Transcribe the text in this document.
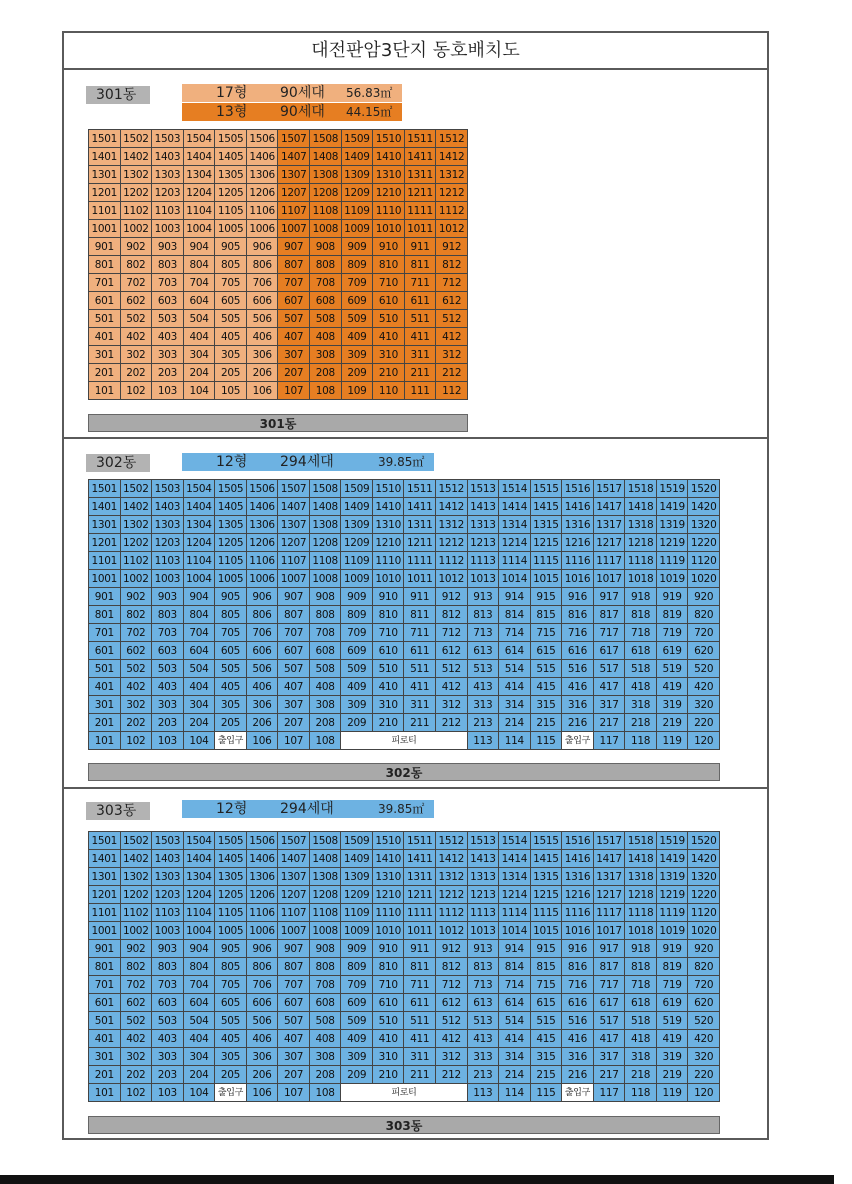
대전판암3단지 동호배치도
301동	17형 90세대 56.83㎡
13형 90세대 44.15㎡
1501	1502	1503	1504	1505	1506	1507	1508	1509	1510	1511	1512
1401	1402	1403	1404	1405	1406	1407	1408	1409	1410	1411	1412
1301	1302	1303	1304	1305	1306	1307	1308	1309	1310	1311	1312
1201	1202	1203	1204	1205	1206	1207	1208	1209	1210	1211	1212
1101	1102	1103	1104	1105	1106	1107	1108	1109	1110	1111	1112
1001	1002	1003	1004	1005	1006	1007	1008	1009	1010	1011	1012
901	902	903	904	905	906	907	908	909	910	911	912
801	802	803	804	805	806	807	808	809	810	811	812
701	702	703	704	705	706	707	708	709	710	711	712
601	602	603	604	605	606	607	608	609	610	611	612
501	502	503	504	505	506	507	508	509	510	511	512
401	402	403	404	405	406	407	408	409	410	411	412
301	302	303	304	305	306	307	308	309	310	311	312
201	202	203	204	205	206	207	208	209	210	211	212
101	102	103	104	105	106	107	108	109	110	111	112
301동
302동	12형 294세대	39.85㎡
1501	1502	1503	1504	1505	1506	1507	1508	1509	1510	1511	1512	1513	1514	1515	1516	1517	1518	1519	1520
1401	1402	1403	1404	1405	1406	1407	1408	1409	1410	1411	1412	1413	1414	1415	1416	1417	1418	1419	1420
1301	1302	1303	1304	1305	1306	1307	1308	1309	1310	1311	1312	1313	1314	1315	1316	1317	1318	1319	1320
1201	1202	1203	1204	1205	1206	1207	1208	1209	1210	1211	1212	1213	1214	1215	1216	1217	1218	1219	1220
1101	1102	1103	1104	1105	1106	1107	1108	1109	1110	1111	1112	1113	1114	1115	1116	1117	1118	1119	1120
1001	1002	1003	1004	1005	1006	1007	1008	1009	1010	1011	1012	1013	1014	1015	1016	1017	1018	1019	1020
901	902	903	904	905	906	907	908	909	910	911	912	913	914	915	916	917	918	919	920
801	802	803	804	805	806	807	808	809	810	811	812	813	814	815	816	817	818	819	820
701	702	703	704	705	706	707	708	709	710	711	712	713	714	715	716	717	718	719	720
601	602	603	604	605	606	607	608	609	610	611	612	613	614	615	616	617	618	619	620
501	502	503	504	505	506	507	508	509	510	511	512	513	514	515	516	517	518	519	520
401	402	403	404	405	406	407	408	409	410	411	412	413	414	415	416	417	418	419	420
301	302	303	304	305	306	307	308	309	310	311	312	313	314	315	316	317	318	319	320
201	202	203	204	205	206	207	208	209	210	211	212	213	214	215	216	217	218	219	220
101	102	103	104	출입구	106	107	108	피로티				113	114	115	출입구	117	118	119	120
302동
303동	12형 294세대	39.85㎡
1501	1502	1503	1504	1505	1506	1507	1508	1509	1510	1511	1512	1513	1514	1515	1516	1517	1518	1519	1520
1401	1402	1403	1404	1405	1406	1407	1408	1409	1410	1411	1412	1413	1414	1415	1416	1417	1418	1419	1420
1301	1302	1303	1304	1305	1306	1307	1308	1309	1310	1311	1312	1313	1314	1315	1316	1317	1318	1319	1320
1201	1202	1203	1204	1205	1206	1207	1208	1209	1210	1211	1212	1213	1214	1215	1216	1217	1218	1219	1220
1101	1102	1103	1104	1105	1106	1107	1108	1109	1110	1111	1112	1113	1114	1115	1116	1117	1118	1119	1120
1001	1002	1003	1004	1005	1006	1007	1008	1009	1010	1011	1012	1013	1014	1015	1016	1017	1018	1019	1020
901	902	903	904	905	906	907	908	909	910	911	912	913	914	915	916	917	918	919	920
801	802	803	804	805	806	807	808	809	810	811	812	813	814	815	816	817	818	819	820
701	702	703	704	705	706	707	708	709	710	711	712	713	714	715	716	717	718	719	720
601	602	603	604	605	606	607	608	609	610	611	612	613	614	615	616	617	618	619	620
501	502	503	504	505	506	507	508	509	510	511	512	513	514	515	516	517	518	519	520
401	402	403	404	405	406	407	408	409	410	411	412	413	414	415	416	417	418	419	420
301	302	303	304	305	306	307	308	309	310	311	312	313	314	315	316	317	318	319	320
201	202	203	204	205	206	207	208	209	210	211	212	213	214	215	216	217	218	219	220
101	102	103	104	출입구	106	107	108	피로티				113	114	115	출입구	117	118	119	120
303동
